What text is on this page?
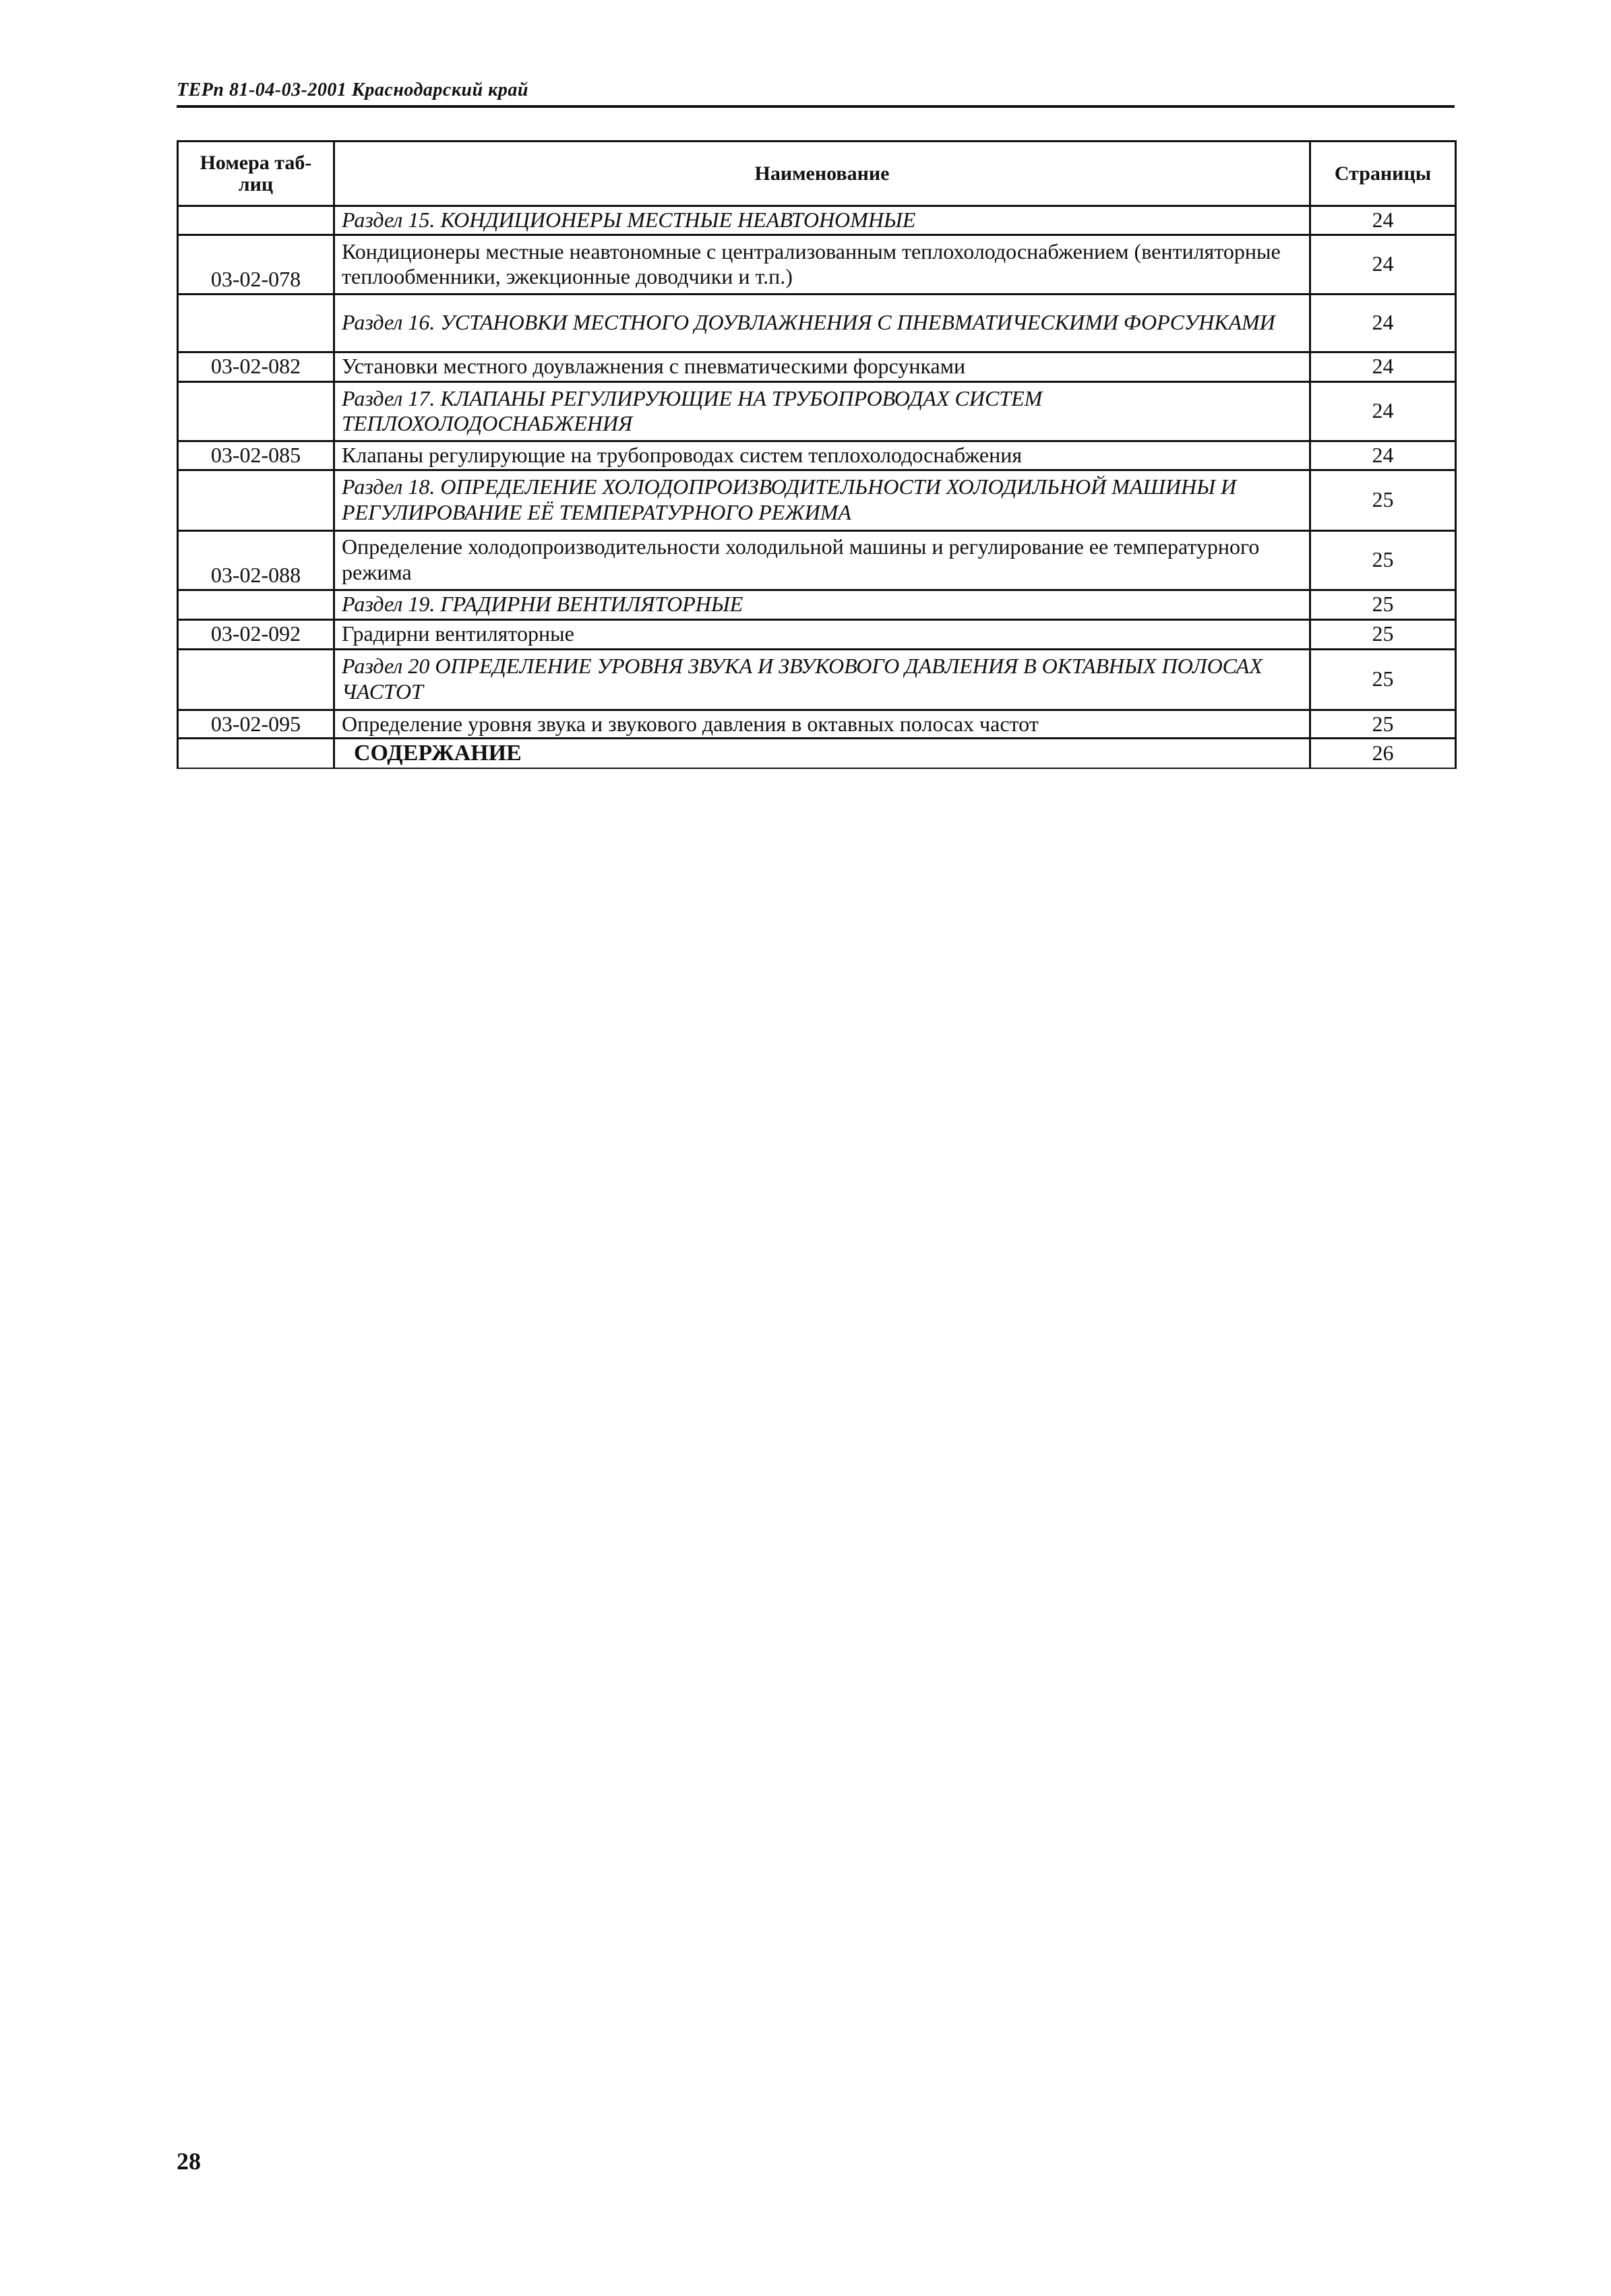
ТЕРп 81-04-03-2001 Краснодарский край
Номера таб-лиц	Наименование	Страницы
	Раздел 15. КОНДИЦИОНЕРЫ МЕСТНЫЕ НЕАВТОНОМНЫЕ	24
03-02-078	Кондиционеры местные неавтономные с централизованным теплохолодоснабжением (вентиляторные теплообменники, эжекционные доводчики и т.п.)	24
	Раздел 16. УСТАНОВКИ МЕСТНОГО ДОУВЛАЖНЕНИЯ С ПНЕВМАТИЧЕСКИМИ ФОРСУНКАМИ	24
03-02-082	Установки местного доувлажнения с пневматическими форсунками	24
	Раздел 17. КЛАПАНЫ РЕГУЛИРУЮЩИЕ НА ТРУБОПРОВОДАХ СИСТЕМ ТЕПЛОХОЛОДОСНАБЖЕНИЯ	24
03-02-085	Клапаны регулирующие на трубопроводах систем теплохолодоснабжения	24
	Раздел 18. ОПРЕДЕЛЕНИЕ ХОЛОДОПРОИЗВОДИТЕЛЬНОСТИ ХОЛОДИЛЬНОЙ МАШИНЫ И РЕГУЛИРОВАНИЕ ЕЁ ТЕМПЕРАТУРНОГО РЕЖИМА	25
03-02-088	Определение холодопроизводительности холодильной машины и регулирование ее температурного режима	25
	Раздел 19. ГРАДИРНИ ВЕНТИЛЯТОРНЫЕ	25
03-02-092	Градирни вентиляторные	25
	Раздел 20 ОПРЕДЕЛЕНИЕ УРОВНЯ ЗВУКА И ЗВУКОВОГО ДАВЛЕНИЯ В ОКТАВНЫХ ПОЛОСАХ ЧАСТОТ	25
03-02-095	Определение уровня звука и звукового давления в октавных полосах частот	25
	СОДЕРЖАНИЕ	26
28
